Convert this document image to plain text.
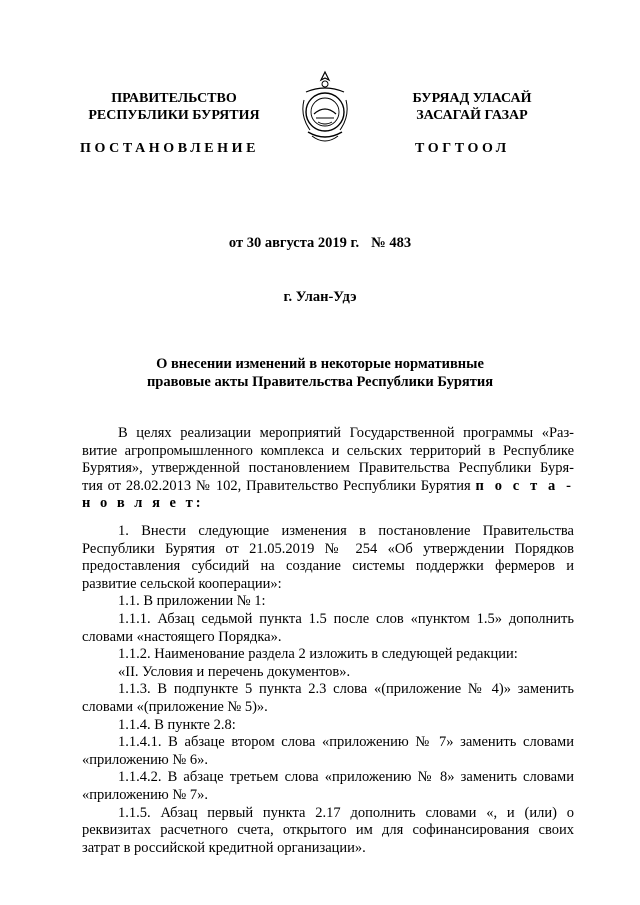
ПРАВИТЕЛЬСТВО
РЕСПУБЛИКИ БУРЯТИЯ
БУРЯАД УЛАСАЙ
ЗАСАГАЙ ГАЗАР
ПОСТАНОВЛЕНИЕ	ТОГТООЛ
от 30 августа 2019 г. № 483
г. Улан-Удэ
О внесении изменений в некоторые нормативные
правовые акты Правительства Республики Бурятия
В целях реализации мероприятий Государственной программы «Раз-
витие агропромышленного комплекса и сельских территорий в Республике
Бурятия», утвержденной постановлением Правительства Республики Буря-
тия от 28.02.2013 № 102, Правительство Республики Бурятия п о с т а -
н о в л я е т:
1. Внести следующие изменения в постановление Правительства
Республики Бурятия от 21.05.2019 № 254 «Об утверждении Порядков
предоставления субсидий на создание системы поддержки фермеров и
развитие сельской кооперации»:
1.1. В приложении № 1:
1.1.1. Абзац седьмой пункта 1.5 после слов «пунктом 1.5» дополнить
словами «настоящего Порядка».
1.1.2. Наименование раздела 2 изложить в следующей редакции:
«II. Условия и перечень документов».
1.1.3. В подпункте 5 пункта 2.3 слова «(приложение № 4)» заменить
словами «(приложение № 5)».
1.1.4. В пункте 2.8:
1.1.4.1. В абзаце втором слова «приложению № 7» заменить словами
«приложению № 6».
1.1.4.2. В абзаце третьем слова «приложению № 8» заменить словами
«приложению № 7».
1.1.5. Абзац первый пункта 2.17 дополнить словами «, и (или) о
реквизитах расчетного счета, открытого им для софинансирования своих
затрат в российской кредитной организации».
